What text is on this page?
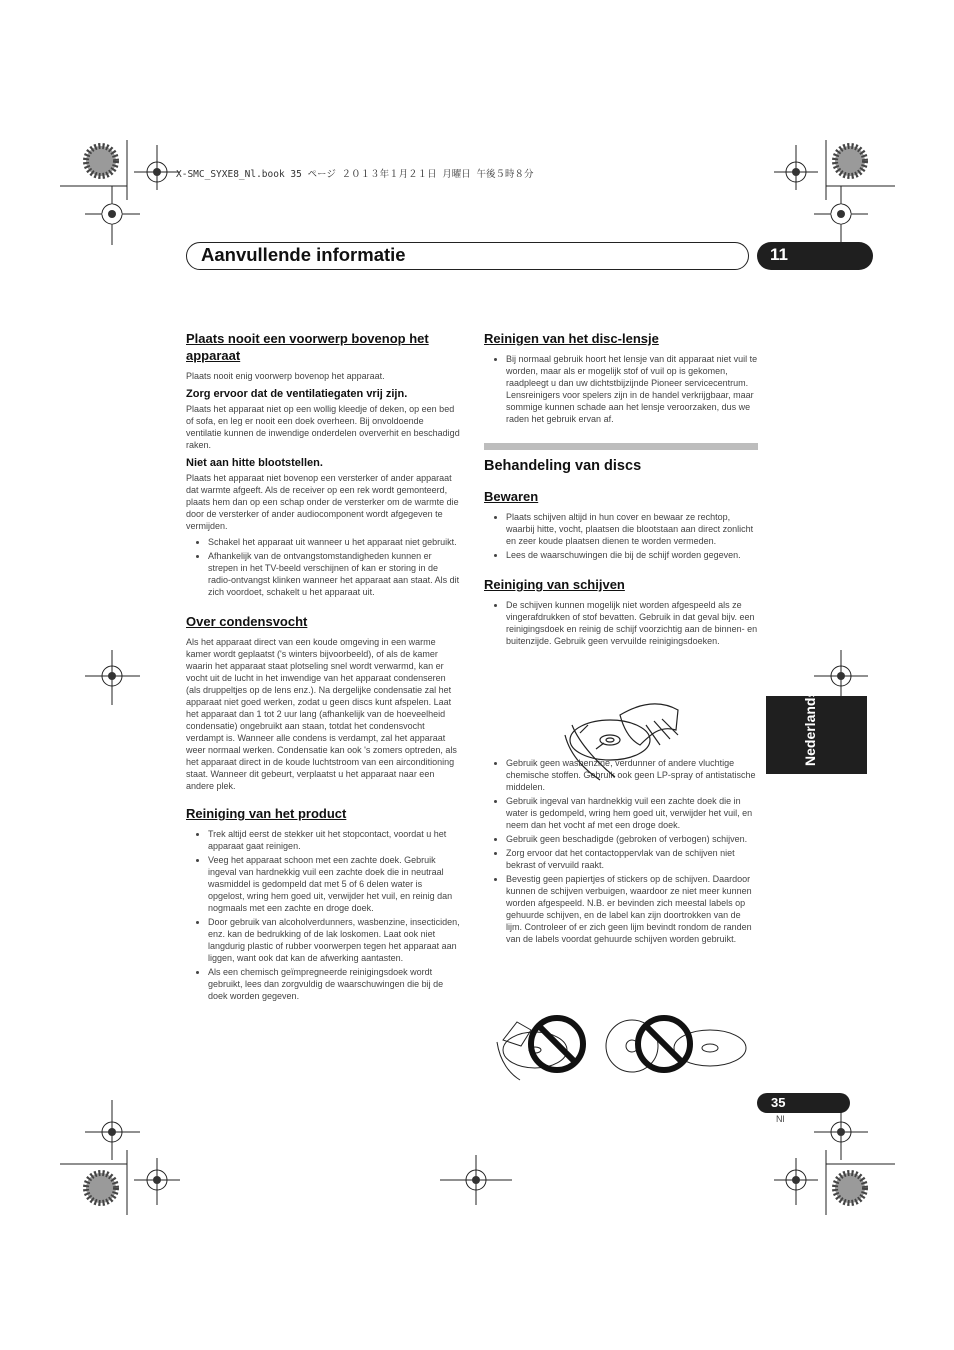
X-SMC_SYXE8_Nl.book 35 ページ ２０１３年１月２１日 月曜日 午後５時８分
Aanvullende informatie	11
Plaats nooit een voorwerp bovenop het apparaat

Plaats nooit enig voorwerp bovenop het apparaat.

Zorg ervoor dat de ventilatiegaten vrij zijn.

Plaats het apparaat niet op een wollig kleedje of deken, op een bed of sofa, en leg er nooit een doek overheen. Bij onvoldoende ventilatie kunnen de inwendige onderdelen oververhit en beschadigd raken.

Niet aan hitte blootstellen.

Plaats het apparaat niet bovenop een versterker of ander apparaat dat warmte afgeeft. Als de receiver op een rek wordt gemonteerd, plaats hem dan op een schap onder de versterker om de warmte die door de versterker of ander audiocomponent wordt afgegeven te vermijden.

• Schakel het apparaat uit wanneer u het apparaat niet gebruikt.
• Afhankelijk van de ontvangstomstandigheden kunnen er strepen in het TV-beeld verschijnen of kan er storing in de radio-ontvangst klinken wanneer het apparaat aan staat. Als dit zich voordoet, schakelt u het apparaat uit.
Over condensvocht

Als het apparaat direct van een koude omgeving in een warme kamer wordt geplaatst ('s winters bijvoorbeeld), of als de kamer waarin het apparaat staat plotseling snel wordt verwarmd, kan er vocht uit de lucht in het inwendige van het apparaat condenseren (als druppeltjes op de lens enz.). Na dergelijke condensatie zal het apparaat niet goed werken, zodat u geen discs kunt afspelen. Laat het apparaat dan 1 tot 2 uur lang (afhankelijk van de hoeveelheid condensatie) ongebruikt aan staan, totdat het condensvocht verdampt is. Wanneer alle condens is verdampt, zal het apparaat weer normaal werken. Condensatie kan ook 's zomers optreden, als het apparaat direct in de koude luchtstroom van een airconditioning staat. Wanneer dit gebeurt, verplaatst u het apparaat naar een andere plek.

Reiniging van het product
• Trek altijd eerst de stekker uit het stopcontact, voordat u het apparaat gaat reinigen.
• Veeg het apparaat schoon met een zachte doek. Gebruik ingeval van hardnekkig vuil een zachte doek die in neutraal wasmiddel is gedompeld dat met 5 of 6 delen water is opgelost, wring hem goed uit, verwijder het vuil, en reinig dan nogmaals met een zachte en droge doek.
• Door gebruik van alcoholverdunners, wasbenzine, insecticiden, enz. kan de bedrukking of de lak loskomen. Laat ook niet langdurig plastic of rubber voorwerpen tegen het apparaat aan liggen, want ook dat kan de afwerking aantasten.
• Als een chemisch geïmpregneerde reinigingsdoek wordt gebruikt, lees dan zorgvuldig de waarschuwingen die bij de doek worden gegeven.
Reinigen van het disc-lensje
• Bij normaal gebruik hoort het lensje van dit apparaat niet vuil te worden, maar als er mogelijk stof of vuil op is gekomen, raadpleegt u dan uw dichtstbijzijnde Pioneer servicecentrum. Lensreinigers voor spelers zijn in de handel verkrijgbaar, maar sommige kunnen schade aan het lensje veroorzaken, dus we raden het gebruik ervan af.
Behandeling van discs
Bewaren
• Plaats schijven altijd in hun cover en bewaar ze rechtop, waarbij hitte, vocht, plaatsen die blootstaan aan direct zonlicht en zeer koude plaatsen dienen te worden vermeden.
• Lees de waarschuwingen die bij de schijf worden gegeven.
Reiniging van schijven
• De schijven kunnen mogelijk niet worden afgespeeld als ze vingerafdrukken of stof bevatten. Gebruik in dat geval bijv. een reinigingsdoek en reinig de schijf voorzichtig aan de binnen- en buitenzijde. Gebruik geen vervuilde reinigingsdoeken.
• Gebruik geen wasbenzine, verdunner of andere vluchtige chemische stoffen. Gebruik ook geen LP-spray of antistatische middelen.
• Gebruik ingeval van hardnekkig vuil een zachte doek die in water is gedompeld, wring hem goed uit, verwijder het vuil, en neem dan het vocht af met een droge doek.
• Gebruik geen beschadigde (gebroken of verbogen) schijven.
• Zorg ervoor dat het contactoppervlak van de schijven niet bekrast of vervuild raakt.
• Bevestig geen papiertjes of stickers op de schijven. Daardoor kunnen de schijven verbuigen, waardoor ze niet meer kunnen worden afgespeeld. N.B. er bevinden zich meestal labels op gehuurde schijven, en de label kan zijn doortrokken van de lijm. Controleer of er zich geen lijm bevindt rondom de randen van de labels voordat gehuurde schijven worden gebruikt.
Nederlands
35
Nl
